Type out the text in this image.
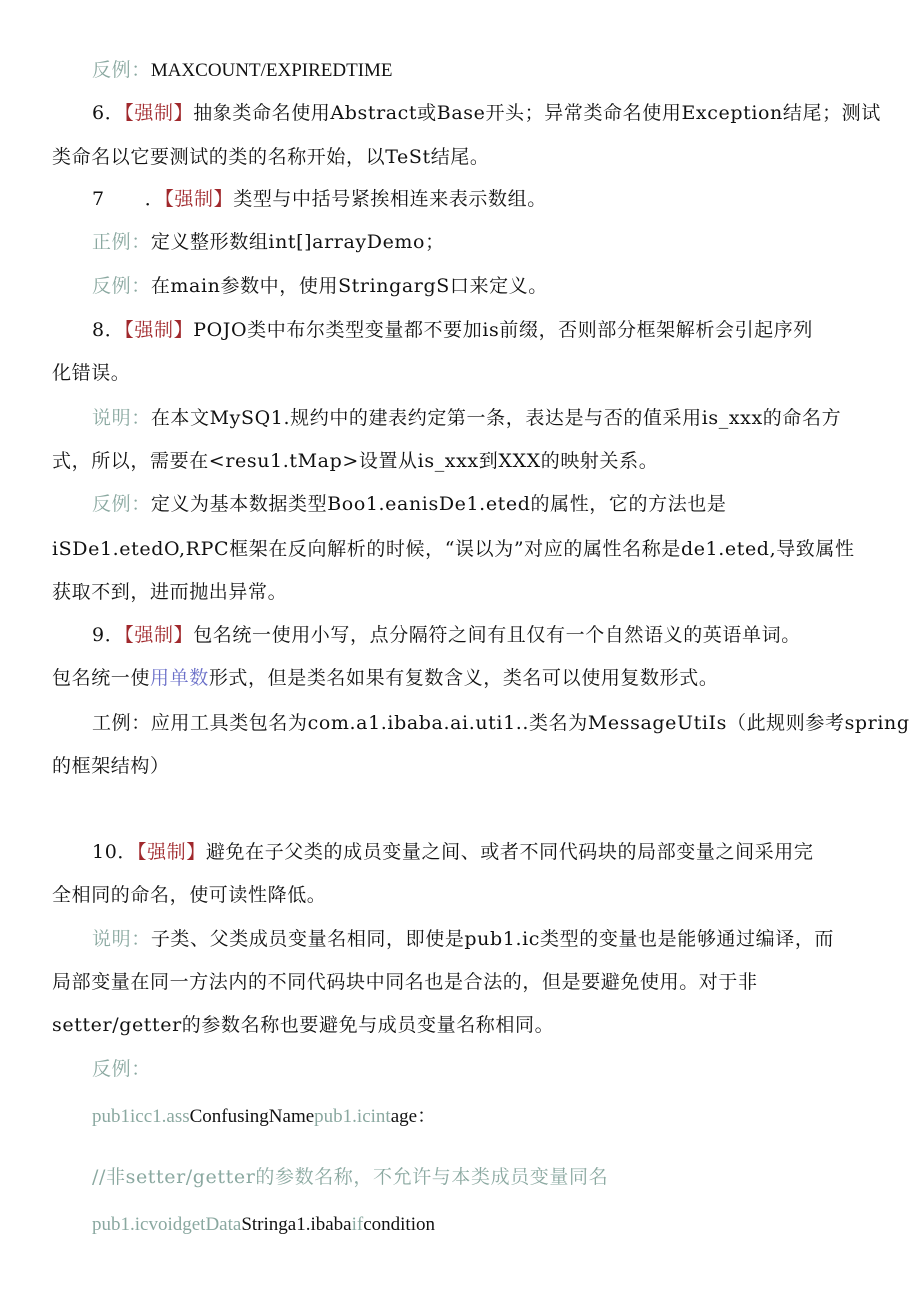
反例：MAXCOUNT/EXPIREDTIME
6．【强制】抽象类命名使用Abstract或Base开头；异常类命名使用Exception结尾；测试
类命名以它要测试的类的名称开始，以TeSt结尾。
7 ．【强制】类型与中括号紧挨相连来表示数组。
正例：定义整形数组int[]arrayDemo；
反例：在main参数中，使用StringargS口来定义。
8．【强制】POJO类中布尔类型变量都不要加is前缀，否则部分框架解析会引起序列
化错误。
说明：在本文MySQ1.规约中的建表约定第一条，表达是与否的值采用is_xxx的命名方
式，所以，需要在<resu1.tMap>设置从is_xxx到XXX的映射关系。
反例：定义为基本数据类型Boo1.eanisDe1.eted的属性，它的方法也是
iSDe1.etedO,RPC框架在反向解析的时候，“误以为”对应的属性名称是de1.eted,导致属性
获取不到，进而抛出异常。
9．【强制】包名统一使用小写，点分隔符之间有且仅有一个自然语义的英语单词。
包名统一使用单数形式，但是类名如果有复数含义，类名可以使用复数形式。
工例：应用工具类包名为com.a1.ibaba.ai.uti1..类名为MessageUtiIs（此规则参考spring
的框架结构）
10．【强制】避免在子父类的成员变量之间、或者不同代码块的局部变量之间采用完
全相同的命名，使可读性降低。
说明：子类、父类成员变量名相同，即使是pub1.ic类型的变量也是能够通过编译，而
局部变量在同一方法内的不同代码块中同名也是合法的，但是要避免使用。对于非
setter/getter的参数名称也要避免与成员变量名称相同。
反例：
pub1icc1.assConfusingNamepub1.icintage：
//非setter/getter的参数名称，不允许与本类成员变量同名
pub1.icvoidgetDataStringa1.ibabaifcondition
